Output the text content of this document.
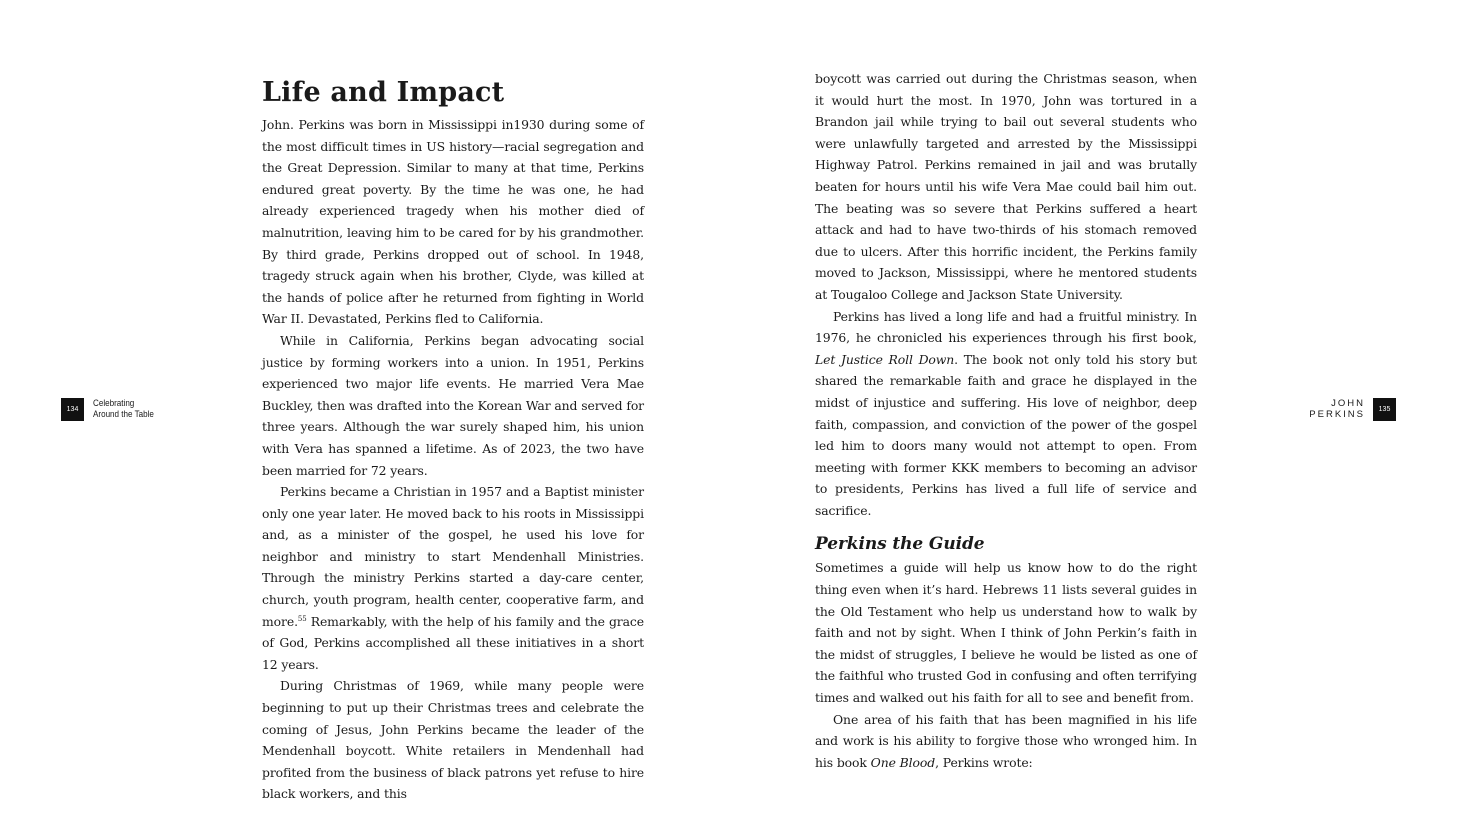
134
Celebrating
Around the Table
Life and Impact

John. Perkins was born in Mississippi in1930 during some of the most difficult times in US history—racial segregation and the Great Depression. Similar to many at that time, Perkins endured great poverty. By the time he was one, he had already experienced tragedy when his mother died of malnutrition, leaving him to be cared for by his grandmother. By third grade, Perkins dropped out of school. In 1948, tragedy struck again when his brother, Clyde, was killed at the hands of police after he returned from fighting in World War II. Devastated, Perkins fled to California.

While in California, Perkins began advocating social justice by forming workers into a union. In 1951, Perkins experienced two major life events. He married Vera Mae Buckley, then was drafted into the Korean War and served for three years. Although the war surely shaped him, his union with Vera has spanned a lifetime. As of 2023, the two have been married for 72 years.

Perkins became a Christian in 1957 and a Baptist minister only one year later. He moved back to his roots in Mississippi and, as a minister of the gospel, he used his love for neighbor and ministry to start Mendenhall Ministries. Through the ministry Perkins started a day-care center, church, youth program, health center, cooperative farm, and more.$^{55}$ Remarkably, with the help of his family and the grace of God, Perkins accomplished all these initiatives in a short 12 years.

During Christmas of 1969, while many people were beginning to put up their Christmas trees and celebrate the coming of Jesus, John Perkins became the leader of the Mendenhall boycott. White retailers in Mendenhall had profited from the business of black patrons yet refuse to hire black workers, and this

boycott was carried out during the Christmas season, when it would hurt the most. In 1970, John was tortured in a Brandon jail while trying to bail out several students who were unlawfully targeted and arrested by the Mississippi Highway Patrol. Perkins remained in jail and was brutally beaten for hours until his wife Vera Mae could bail him out. The beating was so severe that Perkins suffered a heart attack and had to have two-thirds of his stomach removed due to ulcers. After this horrific incident, the Perkins family moved to Jackson, Mississippi, where he mentored students at Tougaloo College and Jackson State University.

Perkins has lived a long life and had a fruitful ministry. In 1976, he chronicled his experiences through his first book, Let Justice Roll Down. The book not only told his story but shared the remarkable faith and grace he displayed in the midst of injustice and suffering. His love of neighbor, deep faith, compassion, and conviction of the power of the gospel led him to doors many would not attempt to open. From meeting with former KKK members to becoming an advisor to presidents, Perkins has lived a full life of service and sacrifice.

Perkins the Guide

Sometimes a guide will help us know how to do the right thing even when it’s hard. Hebrews 11 lists several guides in the Old Testament who help us understand how to walk by faith and not by sight. When I think of John Perkin’s faith in the midst of struggles, I believe he would be listed as one of the faithful who trusted God in confusing and often terrifying times and walked out his faith for all to see and benefit from.

One area of his faith that has been magnified in his life and work is his ability to forgive those who wronged him. In his book One Blood, Perkins wrote:

JOHN
PERKINS	135
